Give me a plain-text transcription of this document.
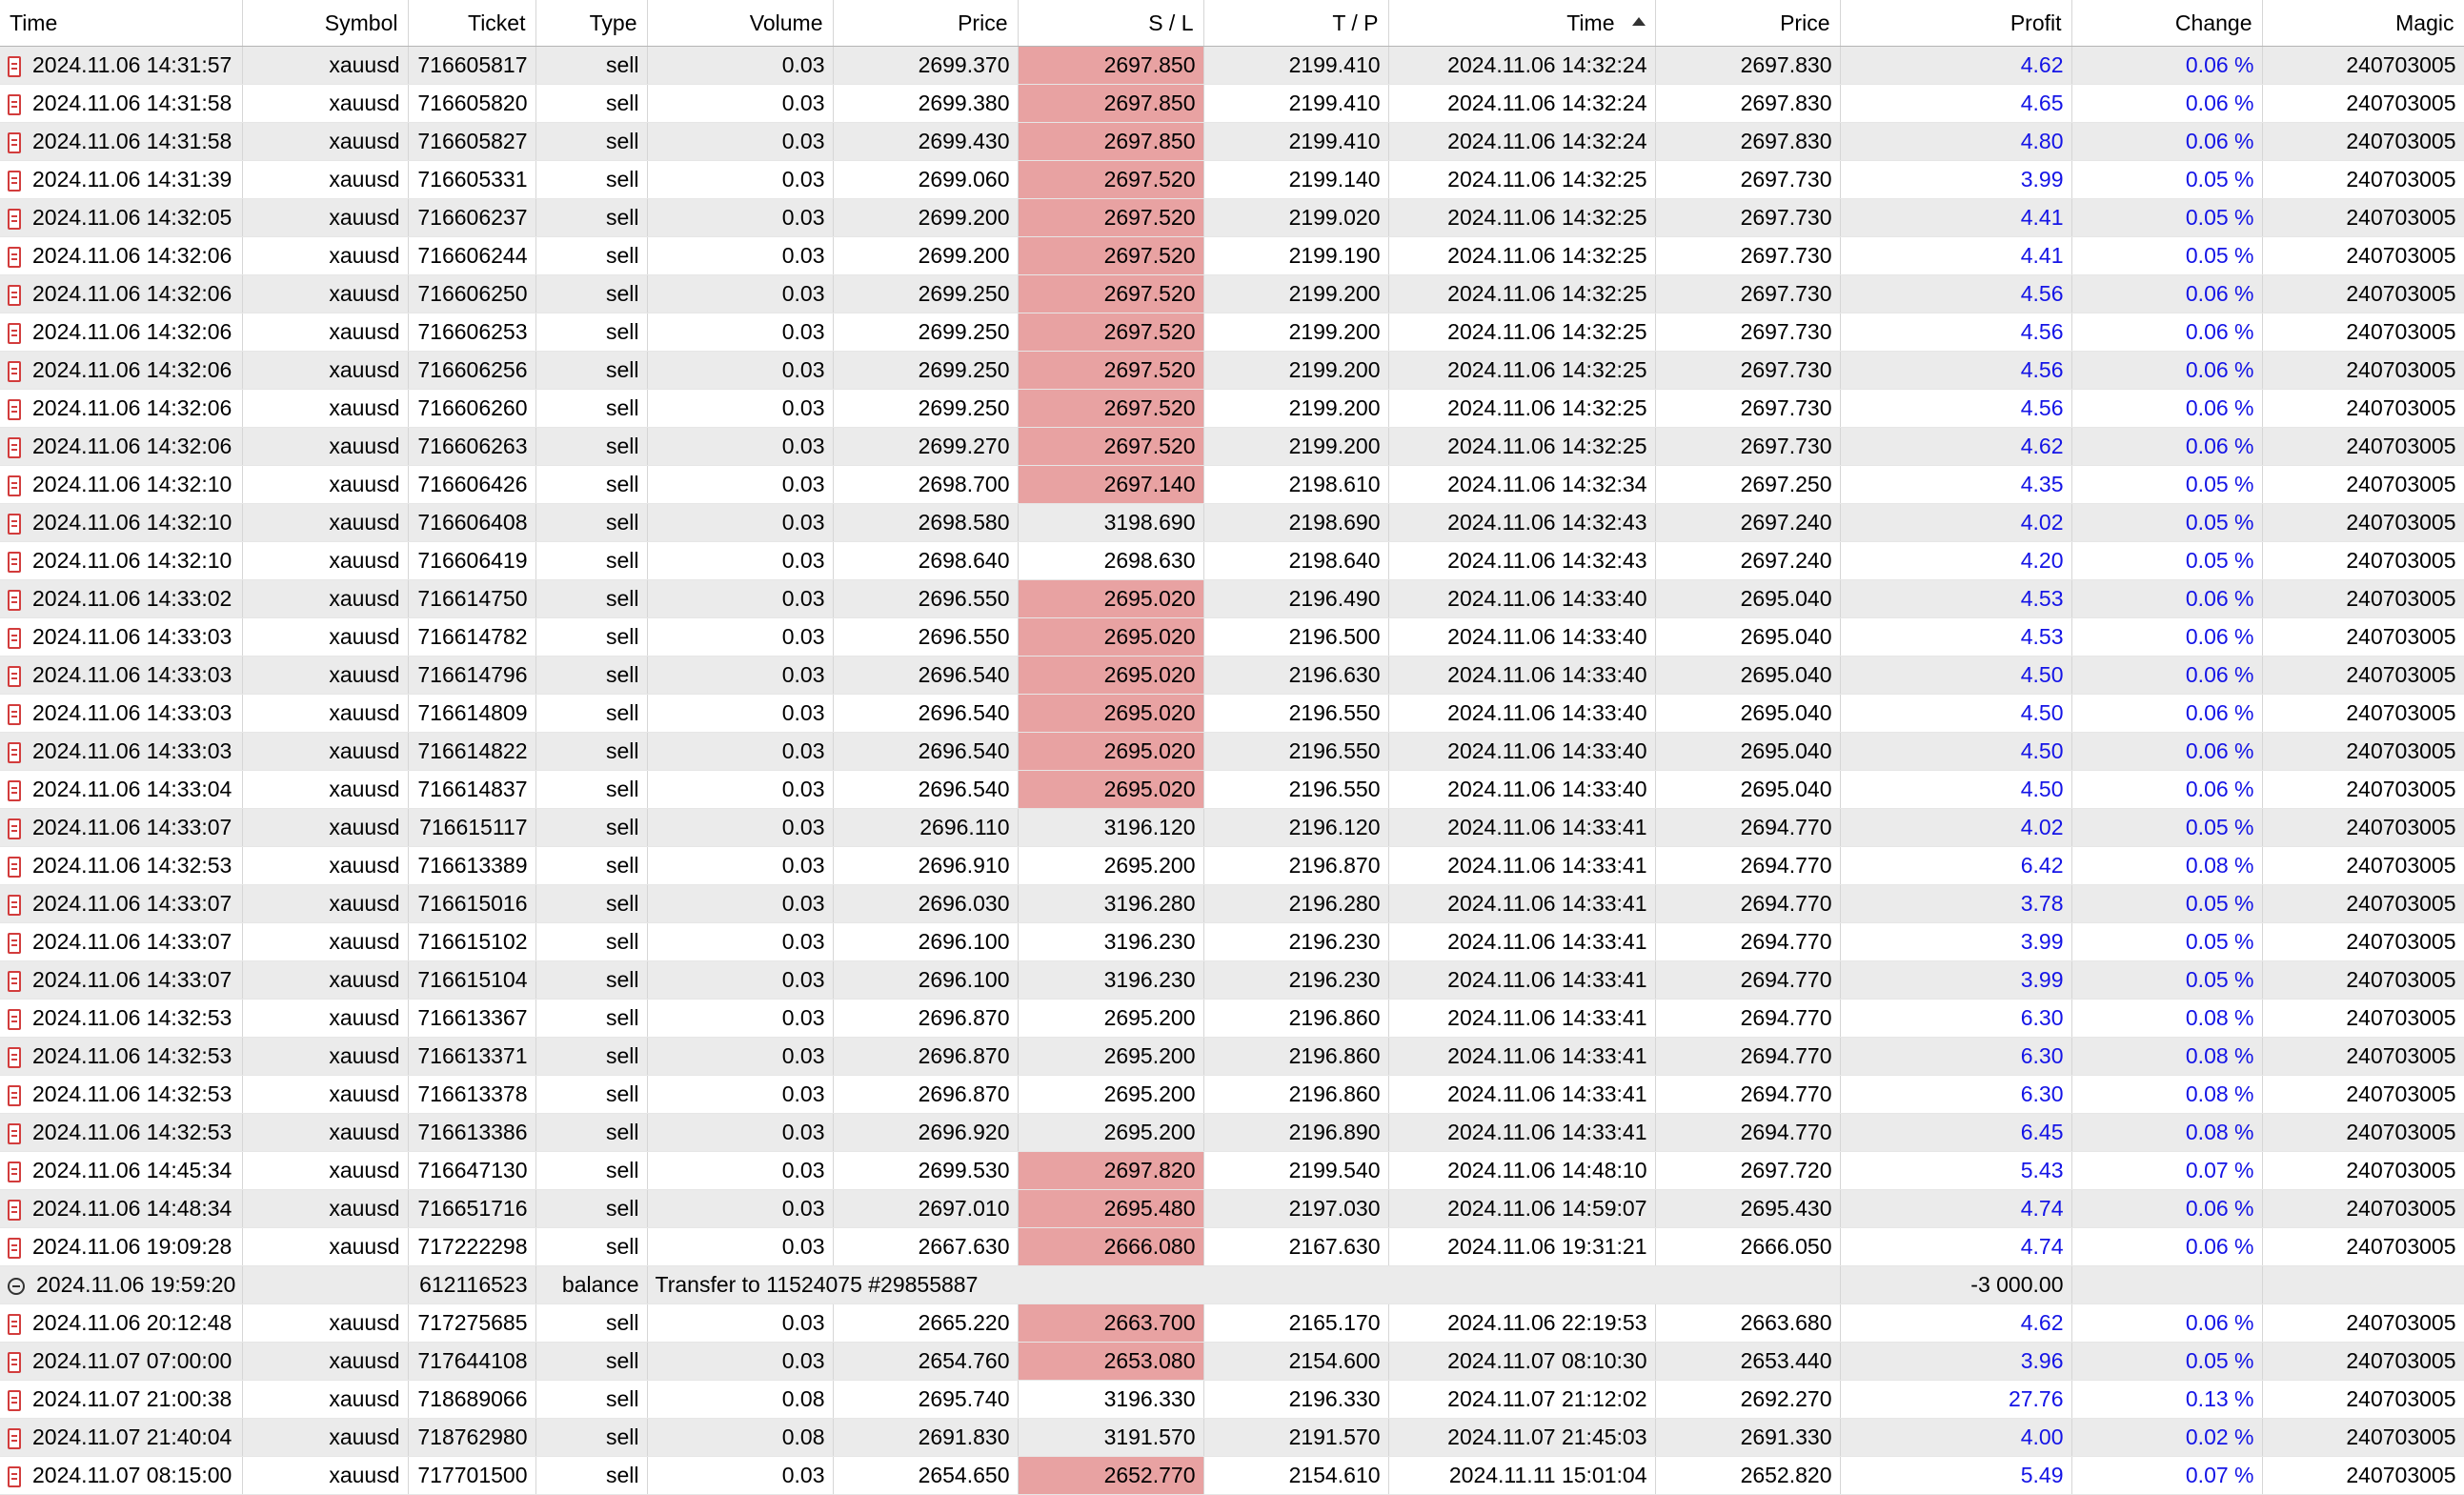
Time	Symbol	Ticket	Type	Volume	Price	S / L	T / P	Time	Price	Profit	Change	Magic
2024.11.06 14:31:57	xauusd	716605817	sell	0.03	2699.370	2697.850	2199.410	2024.11.06 14:32:24	2697.830	4.62	0.06 %	240703005
2024.11.06 14:31:58	xauusd	716605820	sell	0.03	2699.380	2697.850	2199.410	2024.11.06 14:32:24	2697.830	4.65	0.06 %	240703005
2024.11.06 14:31:58	xauusd	716605827	sell	0.03	2699.430	2697.850	2199.410	2024.11.06 14:32:24	2697.830	4.80	0.06 %	240703005
2024.11.06 14:31:39	xauusd	716605331	sell	0.03	2699.060	2697.520	2199.140	2024.11.06 14:32:25	2697.730	3.99	0.05 %	240703005
2024.11.06 14:32:05	xauusd	716606237	sell	0.03	2699.200	2697.520	2199.020	2024.11.06 14:32:25	2697.730	4.41	0.05 %	240703005
2024.11.06 14:32:06	xauusd	716606244	sell	0.03	2699.200	2697.520	2199.190	2024.11.06 14:32:25	2697.730	4.41	0.05 %	240703005
2024.11.06 14:32:06	xauusd	716606250	sell	0.03	2699.250	2697.520	2199.200	2024.11.06 14:32:25	2697.730	4.56	0.06 %	240703005
2024.11.06 14:32:06	xauusd	716606253	sell	0.03	2699.250	2697.520	2199.200	2024.11.06 14:32:25	2697.730	4.56	0.06 %	240703005
2024.11.06 14:32:06	xauusd	716606256	sell	0.03	2699.250	2697.520	2199.200	2024.11.06 14:32:25	2697.730	4.56	0.06 %	240703005
2024.11.06 14:32:06	xauusd	716606260	sell	0.03	2699.250	2697.520	2199.200	2024.11.06 14:32:25	2697.730	4.56	0.06 %	240703005
2024.11.06 14:32:06	xauusd	716606263	sell	0.03	2699.270	2697.520	2199.200	2024.11.06 14:32:25	2697.730	4.62	0.06 %	240703005
2024.11.06 14:32:10	xauusd	716606426	sell	0.03	2698.700	2697.140	2198.610	2024.11.06 14:32:34	2697.250	4.35	0.05 %	240703005
2024.11.06 14:32:10	xauusd	716606408	sell	0.03	2698.580	3198.690	2198.690	2024.11.06 14:32:43	2697.240	4.02	0.05 %	240703005
2024.11.06 14:32:10	xauusd	716606419	sell	0.03	2698.640	2698.630	2198.640	2024.11.06 14:32:43	2697.240	4.20	0.05 %	240703005
2024.11.06 14:33:02	xauusd	716614750	sell	0.03	2696.550	2695.020	2196.490	2024.11.06 14:33:40	2695.040	4.53	0.06 %	240703005
2024.11.06 14:33:03	xauusd	716614782	sell	0.03	2696.550	2695.020	2196.500	2024.11.06 14:33:40	2695.040	4.53	0.06 %	240703005
2024.11.06 14:33:03	xauusd	716614796	sell	0.03	2696.540	2695.020	2196.630	2024.11.06 14:33:40	2695.040	4.50	0.06 %	240703005
2024.11.06 14:33:03	xauusd	716614809	sell	0.03	2696.540	2695.020	2196.550	2024.11.06 14:33:40	2695.040	4.50	0.06 %	240703005
2024.11.06 14:33:03	xauusd	716614822	sell	0.03	2696.540	2695.020	2196.550	2024.11.06 14:33:40	2695.040	4.50	0.06 %	240703005
2024.11.06 14:33:04	xauusd	716614837	sell	0.03	2696.540	2695.020	2196.550	2024.11.06 14:33:40	2695.040	4.50	0.06 %	240703005
2024.11.06 14:33:07	xauusd	716615117	sell	0.03	2696.110	3196.120	2196.120	2024.11.06 14:33:41	2694.770	4.02	0.05 %	240703005
2024.11.06 14:32:53	xauusd	716613389	sell	0.03	2696.910	2695.200	2196.870	2024.11.06 14:33:41	2694.770	6.42	0.08 %	240703005
2024.11.06 14:33:07	xauusd	716615016	sell	0.03	2696.030	3196.280	2196.280	2024.11.06 14:33:41	2694.770	3.78	0.05 %	240703005
2024.11.06 14:33:07	xauusd	716615102	sell	0.03	2696.100	3196.230	2196.230	2024.11.06 14:33:41	2694.770	3.99	0.05 %	240703005
2024.11.06 14:33:07	xauusd	716615104	sell	0.03	2696.100	3196.230	2196.230	2024.11.06 14:33:41	2694.770	3.99	0.05 %	240703005
2024.11.06 14:32:53	xauusd	716613367	sell	0.03	2696.870	2695.200	2196.860	2024.11.06 14:33:41	2694.770	6.30	0.08 %	240703005
2024.11.06 14:32:53	xauusd	716613371	sell	0.03	2696.870	2695.200	2196.860	2024.11.06 14:33:41	2694.770	6.30	0.08 %	240703005
2024.11.06 14:32:53	xauusd	716613378	sell	0.03	2696.870	2695.200	2196.860	2024.11.06 14:33:41	2694.770	6.30	0.08 %	240703005
2024.11.06 14:32:53	xauusd	716613386	sell	0.03	2696.920	2695.200	2196.890	2024.11.06 14:33:41	2694.770	6.45	0.08 %	240703005
2024.11.06 14:45:34	xauusd	716647130	sell	0.03	2699.530	2697.820	2199.540	2024.11.06 14:48:10	2697.720	5.43	0.07 %	240703005
2024.11.06 14:48:34	xauusd	716651716	sell	0.03	2697.010	2695.480	2197.030	2024.11.06 14:59:07	2695.430	4.74	0.06 %	240703005
2024.11.06 19:09:28	xauusd	717222298	sell	0.03	2667.630	2666.080	2167.630	2024.11.06 19:31:21	2666.050	4.74	0.06 %	240703005
2024.11.06 19:59:20		612116523	balance	Transfer to 11524075 #29855887						-3 000.00		
2024.11.06 20:12:48	xauusd	717275685	sell	0.03	2665.220	2663.700	2165.170	2024.11.06 22:19:53	2663.680	4.62	0.06 %	240703005
2024.11.07 07:00:00	xauusd	717644108	sell	0.03	2654.760	2653.080	2154.600	2024.11.07 08:10:30	2653.440	3.96	0.05 %	240703005
2024.11.07 21:00:38	xauusd	718689066	sell	0.08	2695.740	3196.330	2196.330	2024.11.07 21:12:02	2692.270	27.76	0.13 %	240703005
2024.11.07 21:40:04	xauusd	718762980	sell	0.08	2691.830	3191.570	2191.570	2024.11.07 21:45:03	2691.330	4.00	0.02 %	240703005
2024.11.07 08:15:00	xauusd	717701500	sell	0.03	2654.650	2652.770	2154.610	2024.11.11 15:01:04	2652.820	5.49	0.07 %	240703005
